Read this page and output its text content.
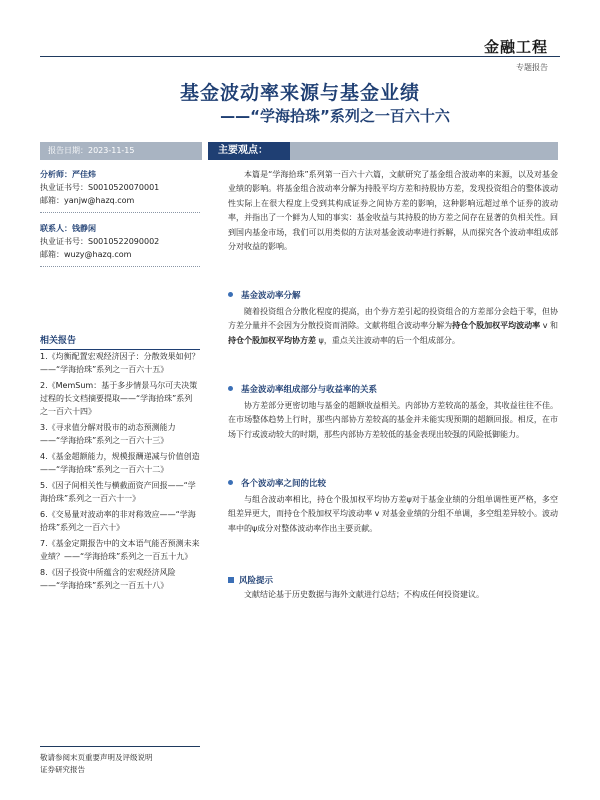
金融工程
专题报告
基金波动率来源与基金业绩
——“学海拾珠”系列之一百六十六
报告日期：2023-11-15	主要观点：
分析师：严佳炜
执业证书号：S0010520070001
邮箱：yanjw@hazq.com
联系人：钱静闲
执业证书号：S0010522090002
邮箱：wuzy@hazq.com
相关报告
1.《均衡配置宏观经济因子：分散效果如何？——“学海拾珠”系列之一百六十五》
2.《MemSum：基于多步情景马尔可夫决策过程的长文档摘要提取——“学海拾珠”系列之一百六十四》
3.《寻求值分解对股市的动态预测能力——“学海拾珠”系列之一百六十三》
4.《基金超额能力，规模报酬递减与价值创造——“学海拾珠”系列之一百六十二》
5.《因子间相关性与横截面资产回报——“学海拾珠”系列之一百六十一》
6.《交易量对波动率的非对称效应——“学海拾珠”系列之一百六十》
7.《基金定期报告中的文本语气能否预测未来业绩？——“学海拾珠”系列之一百五十九》
8.《因子投资中所蕴含的宏观经济风险——“学海拾珠”系列之一百五十八》
本篇是“学海拾珠”系列第一百六十六篇，文献研究了基金组合波动率的来源，以及对基金业绩的影响。将基金组合波动率分解为持股平均方差和持股协方差，发现投资组合的整体波动性实际上在很大程度上受到其构成证券之间协方差的影响，这种影响远超过单个证券的波动率，并指出了一个鲜为人知的事实：基金收益与其持股的协方差之间存在显著的负相关性。回到国内基金市场，我们可以用类似的方法对基金波动率进行拆解，从而探究各个波动率组成部分对收益的影响。
基金波动率分解
随着投资组合分散化程度的提高，由个券方差引起的投资组合的方差部分会趋于零，但协方差分量并不会因为分散投资而消除。文献将组合波动率分解为持仓个股加权平均波动率 v 和持仓个股加权平均协方差 ψ，重点关注波动率的后一个组成部分。
基金波动率组成部分与收益率的关系
协方差部分更密切地与基金的超额收益相关。内部协方差较高的基金，其收益往往不佳。在市场整体趋势上行时，那些内部协方差较高的基金并未能实现预期的超额回报。相反，在市场下行或波动较大的时期，那些内部协方差较低的基金表现出较强的风险抵御能力。
各个波动率之间的比较
与组合波动率相比，持仓个股加权平均协方差ψ对于基金业绩的分组单调性更严格，多空组差异更大，而持仓个股加权平均波动率 v 对基金业绩的分组不单调，多空组差异较小。波动率中的ψ成分对整体波动率作出主要贡献。
风险提示
文献结论基于历史数据与海外文献进行总结；不构成任何投资建议。
敬请参阅末页重要声明及评级说明
证券研究报告
